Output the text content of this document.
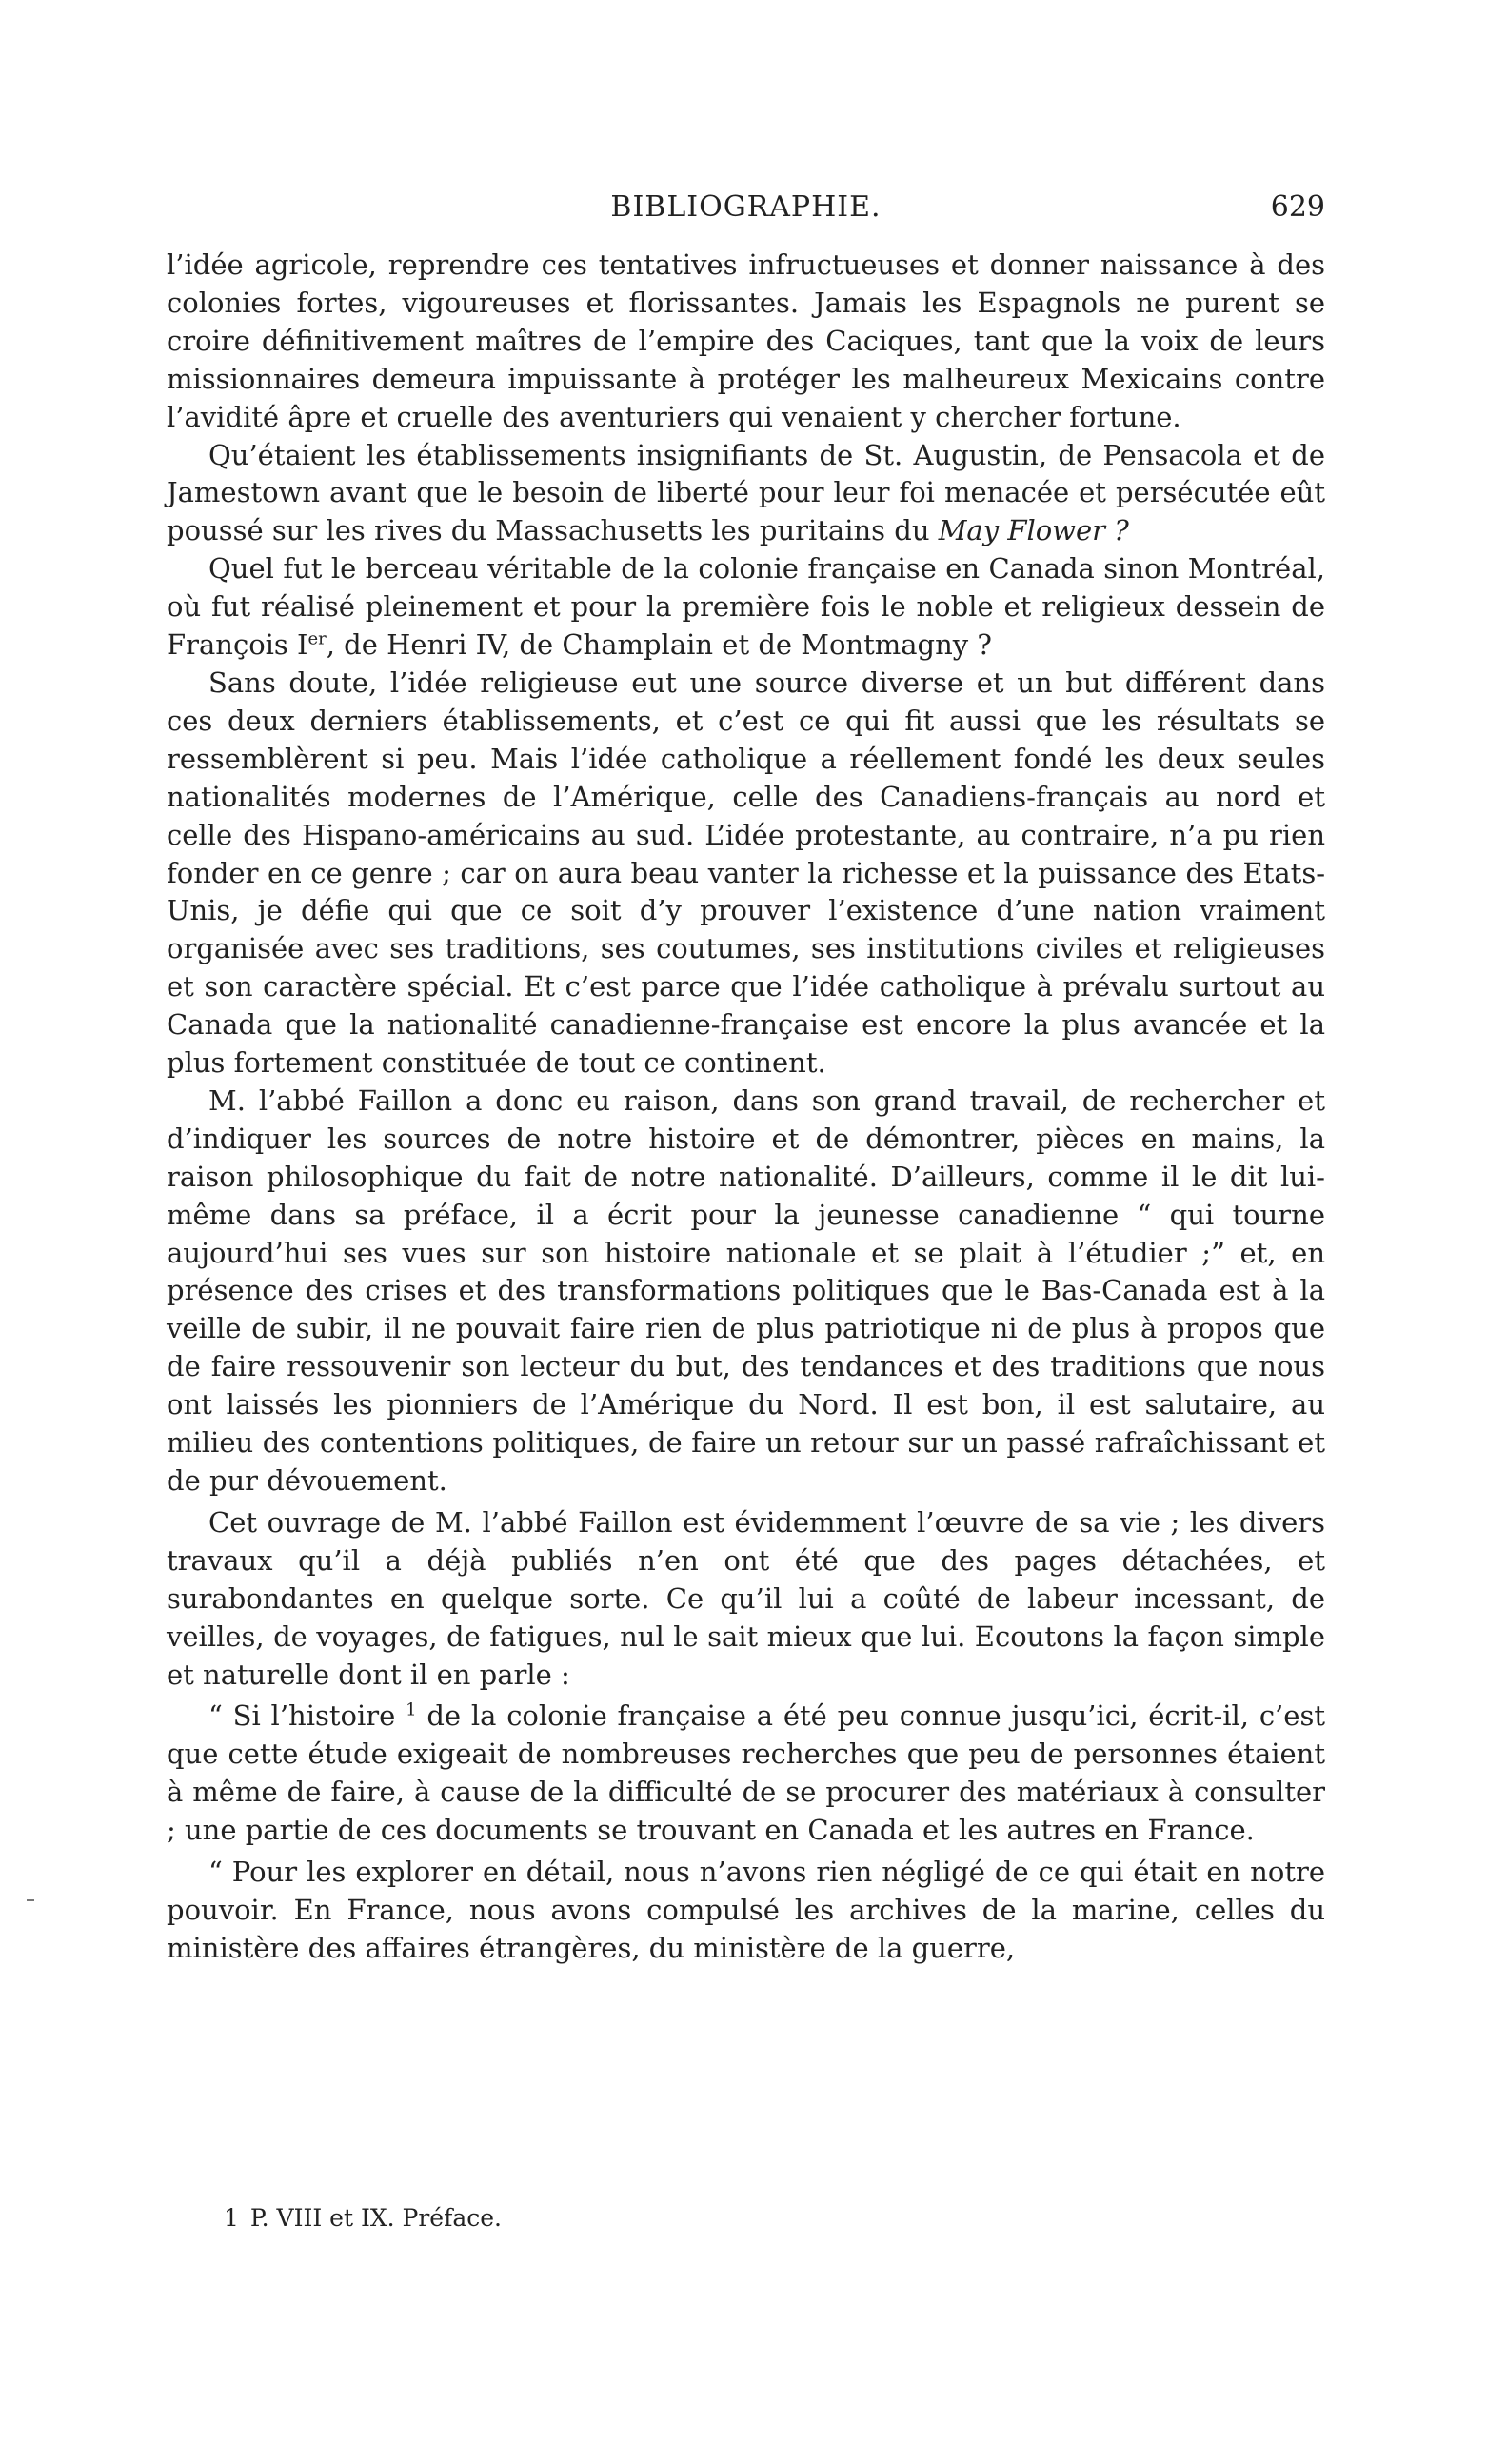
BIBLIOGRAPHIE.	629

l’idée agricole, reprendre ces tentatives infructueuses et donner naissance à des colonies fortes, vigoureuses et florissantes. Jamais les Espagnols ne purent se croire définitivement maîtres de l’empire des Caciques, tant que la voix de leurs missionnaires demeura impuissante à protéger les malheureux Mexicains contre l’avidité âpre et cruelle des aventuriers qui venaient y chercher fortune.

Qu’étaient les établissements insignifiants de St. Augustin, de Pensacola et de Jamestown avant que le besoin de liberté pour leur foi menacée et persécutée eût poussé sur les rives du Massachusetts les puritains du May Flower ?

Quel fut le berceau véritable de la colonie française en Canada sinon Montréal, où fut réalisé pleinement et pour la première fois le noble et religieux dessein de François Ier, de Henri IV, de Champlain et de Montmagny ?

Sans doute, l’idée religieuse eut une source diverse et un but différent dans ces deux derniers établissements, et c’est ce qui fit aussi que les résultats se ressemblèrent si peu. Mais l’idée catholique a réellement fondé les deux seules nationalités modernes de l’Amérique, celle des Canadiens-français au nord et celle des Hispano-américains au sud. L’idée protestante, au contraire, n’a pu rien fonder en ce genre ; car on aura beau vanter la richesse et la puissance des Etats-Unis, je défie qui que ce soit d’y prouver l’existence d’une nation vraiment organisée avec ses traditions, ses coutumes, ses institutions civiles et religieuses et son caractère spécial. Et c’est parce que l’idée catholique à prévalu surtout au Canada que la nationalité canadienne-française est encore la plus avancée et la plus fortement constituée de tout ce continent.

M. l’abbé Faillon a donc eu raison, dans son grand travail, de rechercher et d’indiquer les sources de notre histoire et de démontrer, pièces en mains, la raison philosophique du fait de notre nationalité. D’ailleurs, comme il le dit lui-même dans sa préface, il a écrit pour la jeunesse canadienne “ qui tourne aujourd’hui ses vues sur son histoire nationale et se plait à l’étudier ;” et, en présence des crises et des transformations politiques que le Bas-Canada est à la veille de subir, il ne pouvait faire rien de plus patriotique ni de plus à propos que de faire ressouvenir son lecteur du but, des tendances et des traditions que nous ont laissés les pionniers de l’Amérique du Nord. Il est bon, il est salutaire, au milieu des contentions politiques, de faire un retour sur un passé rafraîchissant et de pur dévouement.

Cet ouvrage de M. l’abbé Faillon est évidemment l’œuvre de sa vie ; les divers travaux qu’il a déjà publiés n’en ont été que des pages détachées, et surabondantes en quelque sorte. Ce qu’il lui a coûté de labeur incessant, de veilles, de voyages, de fatigues, nul le sait mieux que lui. Ecoutons la façon simple et naturelle dont il en parle :

“ Si l’histoire $^1$ de la colonie française a été peu connue jusqu’ici, écrit-il, c’est que cette étude exigeait de nombreuses recherches que peu de personnes étaient à même de faire, à cause de la difficulté de se procurer des matériaux à consulter ; une partie de ces documents se trouvant en Canada et les autres en France.

“ Pour les explorer en détail, nous n’avons rien négligé de ce qui était en notre pouvoir. En France, nous avons compulsé les archives de la marine, celles du ministère des affaires étrangères, du ministère de la guerre,

1 P. VIII et IX. Préface.
